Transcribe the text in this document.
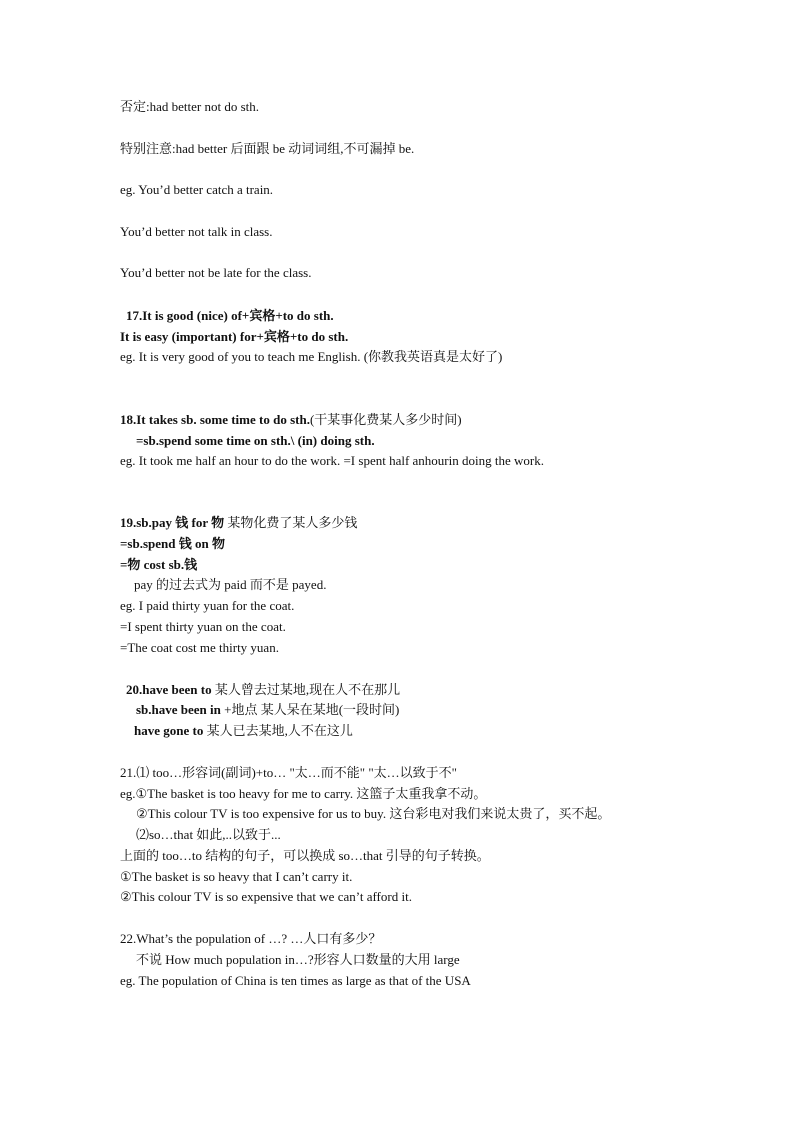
否定:had better not do sth.
特别注意:had better 后面跟 be 动词词组,不可漏掉 be.
eg. You’d better catch a train.
You’d better not talk in class.
You’d better not be late for the class.
17.It is good (nice) of+宾格+to do sth.
It is easy (important) for+宾格+to do sth.
eg. It is very good of you to teach me English. (你教我英语真是太好了)
18.It takes sb. some time to do sth.(干某事化费某人多少时间)
=sb.spend some time on sth.\ (in) doing sth.
eg. It took me half an hour to do the work. =I spent half anhourin doing the work.
19.sb.pay 钱 for 物 某物化费了某人多少钱
=sb.spend 钱 on 物
=物 cost sb.钱
pay 的过去式为 paid 而不是 payed.
eg. I paid thirty yuan for the coat.
=I spent thirty yuan on the coat.
=The coat cost me thirty yuan.
20.have been to 某人曾去过某地,现在人不在那儿
sb.have been in +地点 某人呆在某地(一段时间)
have gone to 某人已去某地,人不在这儿
21.⑴ too…形容词(副词)+to… "太…而不能" "太…以致于不"
eg.①The basket is too heavy for me to carry. 这篮子太重我拿不动。
②This colour TV is too expensive for us to buy. 这台彩电对我们来说太贵了，买不起。
⑵so…that 如此,..以致于...
上面的 too…to 结构的句子，可以换成 so…that 引导的句子转换。
①The basket is so heavy that I can’t carry it.
②This colour TV is so expensive that we can’t afford it.
22.What’s the population of …? …人口有多少？
不说 How much population in…?形容人口数量的大用 large
eg. The population of China is ten times as large as that of the USA
